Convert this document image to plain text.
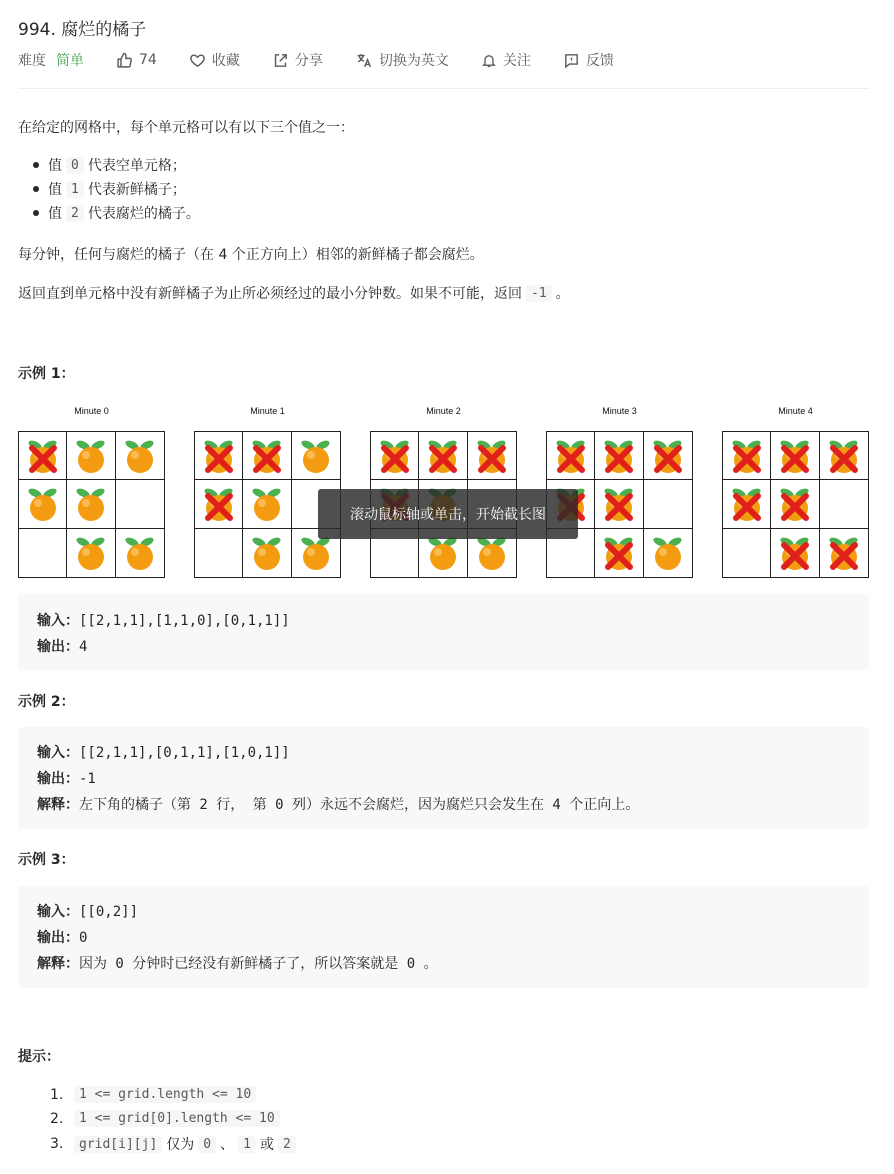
994. 腐烂的橘子
难度 简单	74	收藏	分享	切换为英文	关注	反馈
在给定的网格中，每个单元格可以有以下三个值之一：
值 0 代表空单元格；
值 1 代表新鲜橘子；
值 2 代表腐烂的橘子。
每分钟，任何与腐烂的橘子（在 4 个正方向上）相邻的新鲜橘子都会腐烂。
返回直到单元格中没有新鲜橘子为止所必须经过的最小分钟数。如果不可能，返回 -1 。
示例 1：
Minute 0	Minute 1	Minute 2	Minute 3	Minute 4
输入：[[2,1,1],[1,1,0],[0,1,1]]
输出：4
示例 2：
输入：[[2,1,1],[0,1,1],[1,0,1]]
输出：-1
解释：左下角的橘子（第 2 行， 第 0 列）永远不会腐烂，因为腐烂只会发生在 4 个正向上。
示例 3：
输入：[[0,2]]
输出：0
解释：因为 0 分钟时已经没有新鲜橘子了，所以答案就是 0 。
提示：
1.	1 <= grid.length <= 10
2.	1 <= grid[0].length <= 10
3.	grid[i][j] 仅为 0 、 1 或 2
滚动鼠标轴或单击，开始截长图
